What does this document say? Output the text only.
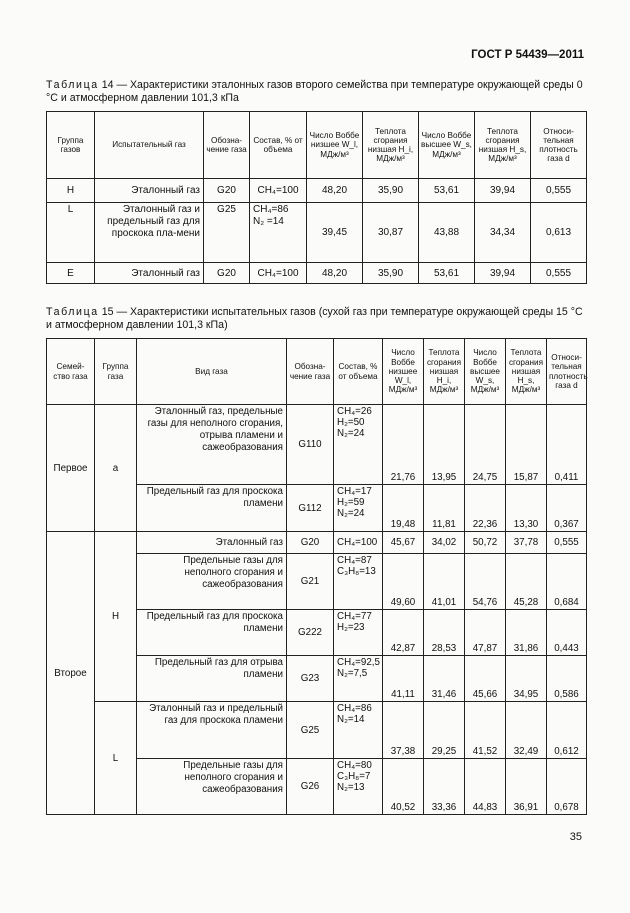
ГОСТ Р 54439—2011
Таблица 14 — Характеристики эталонных газов второго семейства при температуре окружающей среды 0 °С и атмосферном давлении 101,3 кПа
Группа газов	Испытательный газ	Обозна-чение газа	Состав, % от объема	Число Воббе низшее W_l, МДж/м³	Теплота сгорания низшая H_i, МДж/м³	Число Воббе высшее W_s, МДж/м³	Теплота сгорания низшая H_s, МДж/м³	Относи-тельная плотность газа d
H	Эталонный газ	G20	CH₄=100	48,20	35,90	53,61	39,94	0,555
L	Эталонный газ и предельный газ для проскока пла-мени	G25	CH₄=86
N₂ =14	39,45	30,87	43,88	34,34	0,613
E	Эталонный газ	G20	CH₄=100	48,20	35,90	53,61	39,94	0,555
Таблица 15 — Характеристики испытательных газов (сухой газ при температуре окружающей среды 15 °С и атмосферном давлении 101,3 кПа)
Семей-ство газа	Группа газа	Вид газа	Обозна-чение газа	Состав, % от объема	Число Воббе низшее W_l, МДж/м³	Теплота сгорания низшая H_i, МДж/м³	Число Воббе высшее W_s, МДж/м³	Теплота сгорания низшая H_s, МДж/м³	Относи-тельная плотность газа d
Первое	а	Эталонный газ, предельные газы для неполного сгорания, отрыва пламени и сажеобразования	G110	CH₄=26
H₂=50
N₂=24	21,76	13,95	24,75	15,87	0,411
		Предельный газ для проскока пламени	G112	CH₄=17
H₂=59
N₂=24	19,48	11,81	22,36	13,30	0,367
Второе	Н	Эталонный газ	G20	CH₄=100	45,67	34,02	50,72	37,78	0,555
		Предельные газы для неполного сгорания и сажеобразования	G21	CH₄=87
C₃H₈=13	49,60	41,01	54,76	45,28	0,684
		Предельный газ для проскока пламени	G222	CH₄=77
H₂=23	42,87	28,53	47,87	31,86	0,443
		Предельный газ для отрыва пламени	G23	CH₄=92,5
N₂=7,5	41,11	31,46	45,66	34,95	0,586
	L	Эталонный газ и предельный газ для проскока пламени	G25	CH₄=86
N₂=14	37,38	29,25	41,52	32,49	0,612
		Предельные газы для неполного сгорания и сажеобразования	G26	CH₄=80
C₃H₈=7
N₂=13	40,52	33,36	44,83	36,91	0,678
35
